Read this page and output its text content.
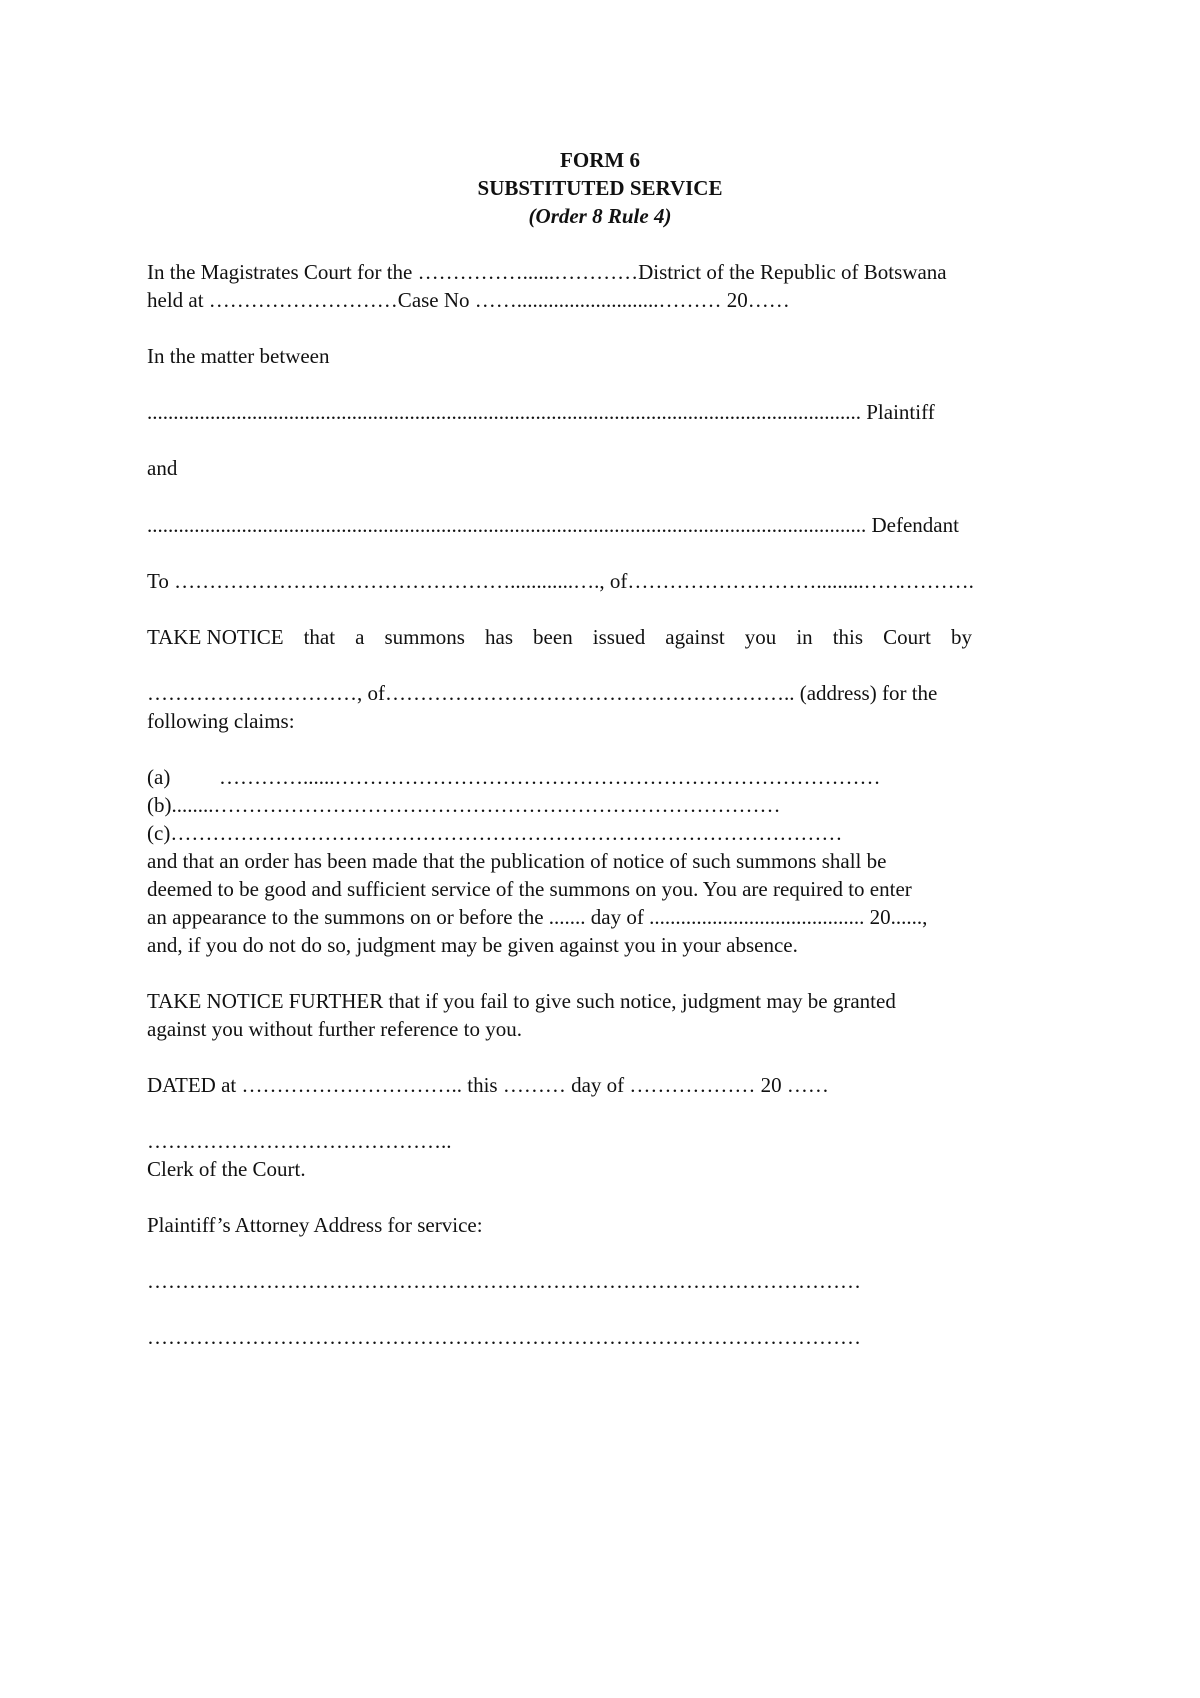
FORM 6
SUBSTITUTED SERVICE
(Order 8 Rule 4)
In the Magistrates Court for the ……………......…………District of the Republic of Botswana
held at ………………………Case No ……...........................……… 20……
In the matter between
........................................................................................................................................ Plaintiff
and
......................................................................................................................................... Defendant
To …………………………………………............…., of……………………….........…………….
TAKE NOTICE that a summons has been issued against you in this Court by
…………………………, of………………………………………………….. (address) for the
following claims:
(a) …………......……………………………………………………………………
(b)........………………………………………………………………………
(c)……………………………………………………………………………………
and that an order has been made that the publication of notice of such summons shall be
deemed to be good and sufficient service of the summons on you. You are required to enter
an appearance to the summons on or before the ....... day of ......................................... 20......,
and, if you do not do so, judgment may be given against you in your absence.
TAKE NOTICE FURTHER that if you fail to give such notice, judgment may be granted
against you without further reference to you.
DATED at ………………………….. this ……… day of ……………… 20 ……
……………………………………..
Clerk of the Court.
Plaintiff’s Attorney Address for service:
…………………………………………………………………………………………
…………………………………………………………………………………………
